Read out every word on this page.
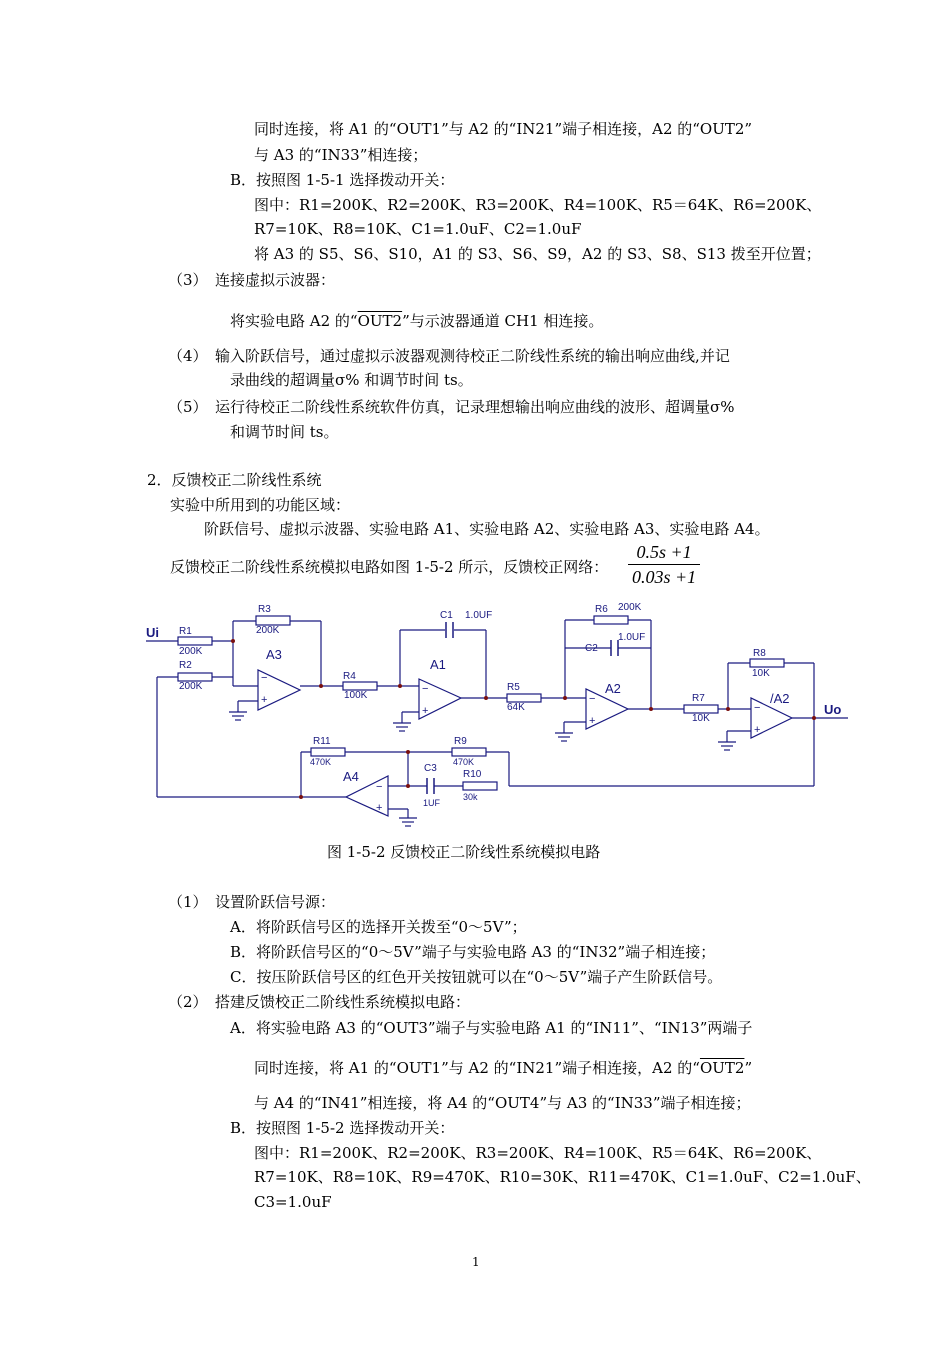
同时连接，将 A1 的“OUT1”与 A2 的“IN21”端子相连接，A2 的“OUT2”
与 A3 的“IN33”相连接；
B．按照图 1-5-1 选择拨动开关：
图中：R1=200K、R2=200K、R3=200K、R4=100K、R5＝64K、R6=200K、
R7=10K、R8=10K、C1=1.0uF、C2=1.0uF
将 A3 的 S5、S6、S10，A1 的 S3、S6、S9，A2 的 S3、S8、S13 拨至开位置；
（3）　连接虚拟示波器：
将实验电路 A2 的“OUT2”与示波器通道 CH1 相连接。
（4）　输入阶跃信号，通过虚拟示波器观测待校正二阶线性系统的输出响应曲线,并记
录曲线的超调量σ% 和调节时间 ts。
（5）　运行待校正二阶线性系统软件仿真，记录理想输出响应曲线的波形、超调量σ%
和调节时间 ts。
2．反馈校正二阶线性系统
实验中所用到的功能区域：
阶跃信号、虚拟示波器、实验电路 A1、实验电路 A2、实验电路 A3、实验电路 A4。
反馈校正二阶线性系统模拟电路如图 1-5-2 所示，反馈校正网络： $\frac{0.5s +1}{0.03s +1}$
−
+
−
+
−
+
−
+
−
+
Ui
Uo
A3
A1
A2
/A2
A4
R3
200K
R1
200K
R2
200K
R4
100K
C1 1.0UF
R5
64K
R6 200K
C2
1.0UF
R8
10K
R7
10K
R11
470K
R9
470K
C3
1UF
R10
30k
图 1-5-2 反馈校正二阶线性系统模拟电路
（1）　设置阶跃信号源：
A．将阶跃信号区的选择开关拨至“0～5V”；
B．将阶跃信号区的“0～5V”端子与实验电路 A3 的“IN32”端子相连接；
C．按压阶跃信号区的红色开关按钮就可以在“0～5V”端子产生阶跃信号。
（2）　搭建反馈校正二阶线性系统模拟电路：
A．将实验电路 A3 的“OUT3”端子与实验电路 A1 的“IN11”、“IN13”两端子
同时连接，将 A1 的“OUT1”与 A2 的“IN21”端子相连接，A2 的“OUT2”
与 A4 的“IN41”相连接，将 A4 的“OUT4”与 A3 的“IN33”端子相连接；
B．按照图 1-5-2 选择拨动开关：
图中：R1=200K、R2=200K、R3=200K、R4=100K、R5＝64K、R6=200K、
R7=10K、R8=10K、R9=470K、R10=30K、R11=470K、C1=1.0uF、C2=1.0uF、
C3=1.0uF
1
